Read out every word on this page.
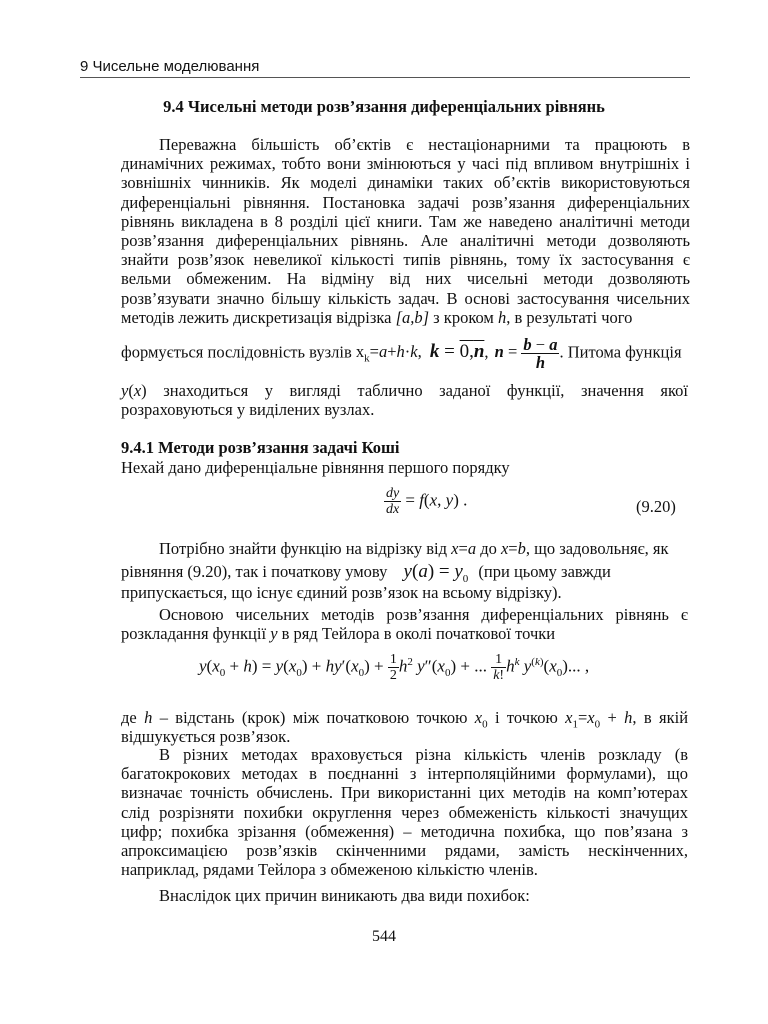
9 Чисельне моделювання
9.4 Чисельні методи розв’язання диференціальних рівнянь

Переважна більшість об’єктів є нестаціонарними та працюють в динамічних режимах, тобто вони змінюються у часі під впливом внутрішніх і зовнішніх чинників. Як моделі динаміки таких об’єктів використовуються диференціальні рівняння. Постановка задачі розв’язання диференціальних рівнянь викладена в 8 розділі цієї книги. Там же наведено аналітичні методи розв’язання диференціальних рівнянь. Але аналітичні методи дозволяють знайти розв’язок невеликої кількості типів рівнянь, тому їх застосування є вельми обмеженим. На відміну від них чисельні методи дозволяють розв’язувати значно більшу кількість задач. В основі застосування чисельних методів лежить дискретизація відрізка [a,b] з кроком h, в результаті чого

формується послідовність вузлів $x_k=a+h\cdot k$, k = 0,n, $n = \frac{b - a}{h}$ . Питома функція

y(x) знаходиться у вигляді таблично заданої функції, значення якої розраховуються у виділених вузлах.

9.4.1 Методи розв’язання задачі Коші
Нехай дано диференціальне рівняння першого порядку
$\frac{dy}{dx} = f(x$, y) .	(9.20)
Потрібно знайти функцію на відрізку від x=a до x=b, що задовольняє, як
рівняння (9.20), так і початкову умову $y(a) = y_0$ (при цьому завжди
припускається, що існує єдиний розв’язок на всьому відрізку).

Основою чисельних методів розв’язання диференціальних рівнянь є розкладання функції y в ряд Тейлора в околі початкової точки

$y(x_0 + h) = y(x_0) + hy'(x_0) + \frac{1}{2} h^2$ $y''(x_0)$ + ... $\frac{1}{k!} h^k$ $y^{(k)}(x_0)$... ,

де h – відстань (крок) між початковою точкою $x_0$ і точкою $x_1=x_0 + h$, в якій відшукується розв’язок.

В різних методах враховується різна кількість членів розкладу (в багатокрокових методах в поєднанні з інтерполяційними формулами), що визначає точність обчислень. При використанні цих методів на комп’ютерах слід розрізняти похибки округлення через обмеженість кількості значущих цифр; похибка зрізання (обмеження) – методична похибка, що пов’язана з апроксимацією розв’язків скінченними рядами, замість нескінченних, наприклад, рядами Тейлора з обмеженою кількістю членів.

Внаслідок цих причин виникають два види похибок:
544
